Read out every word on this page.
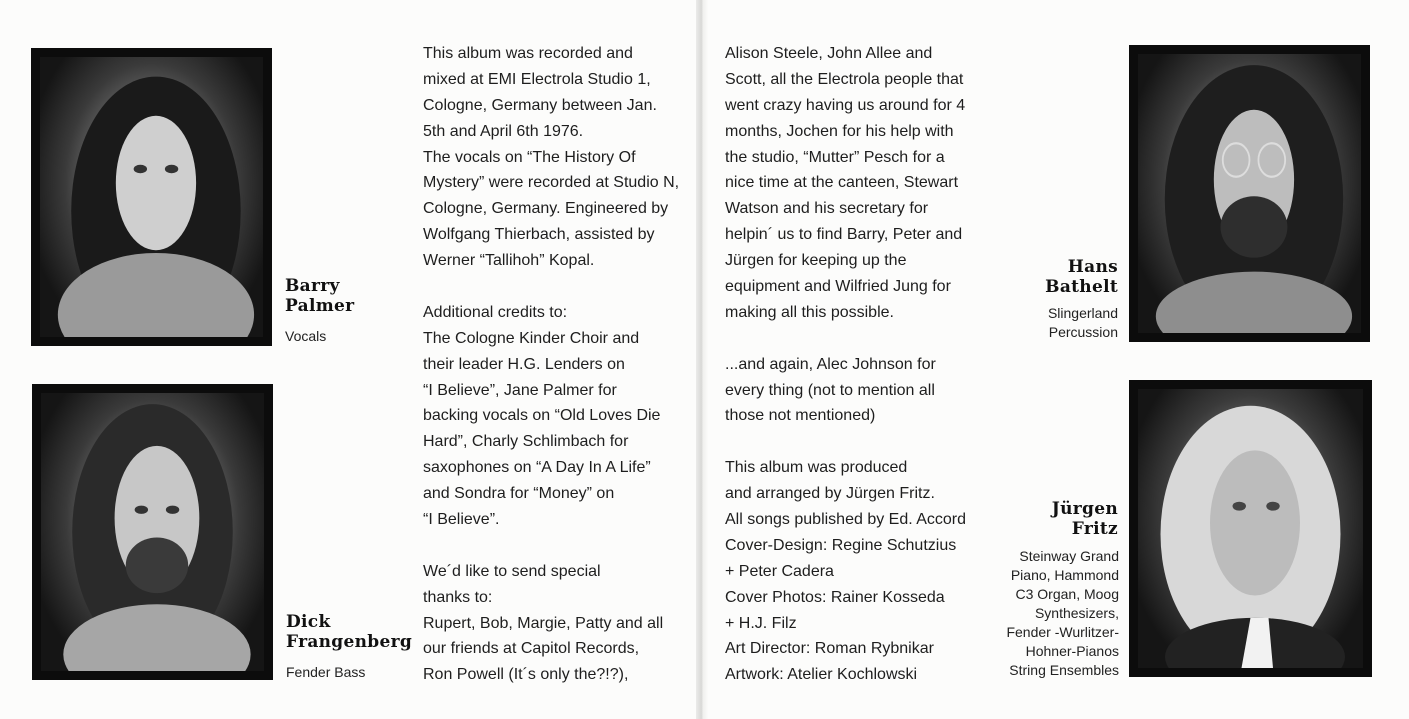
Barry
Palmer
Vocals
Dick
Frangenberg
Fender Bass
This album was recorded and
mixed at EMI Electrola Studio 1,
Cologne, Germany between Jan.
5th and April 6th 1976.
The vocals on “The History Of
Mystery” were recorded at Studio N,
Cologne, Germany. Engineered by
Wolfgang Thierbach, assisted by
Werner “Tallihoh” Kopal.
Additional credits to:
The Cologne Kinder Choir and
their leader H.G. Lenders on
“I Believe”, Jane Palmer for
backing vocals on “Old Loves Die
Hard”, Charly Schlimbach for
saxophones on “A Day In A Life”
and Sondra for “Money” on
“I Believe”.
We´d like to send special
thanks to:
Rupert, Bob, Margie, Patty and all
our friends at Capitol Records,
Ron Powell (It´s only the?!?),
Alison Steele, John Allee and
Scott, all the Electrola people that
went crazy having us around for 4
months, Jochen for his help with
the studio, “Mutter” Pesch for a
nice time at the canteen, Stewart
Watson and his secretary for
helpin´ us to find Barry, Peter and
Jürgen for keeping up the
equipment and Wilfried Jung for
making all this possible.
...and again, Alec Johnson for
every thing (not to mention all
those not mentioned)
This album was produced
and arranged by Jürgen Fritz.
All songs published by Ed. Accord
Cover-Design: Regine Schutzius
+ Peter Cadera
Cover Photos: Rainer Kosseda
+ H.J. Filz
Art Director: Roman Rybnikar
Artwork: Atelier Kochlowski
Hans
Bathelt
Slingerland
Percussion
Jürgen
Fritz
Steinway Grand
Piano, Hammond
C3 Organ, Moog
Synthesizers,
Fender -Wurlitzer-
Hohner-Pianos
String Ensembles
